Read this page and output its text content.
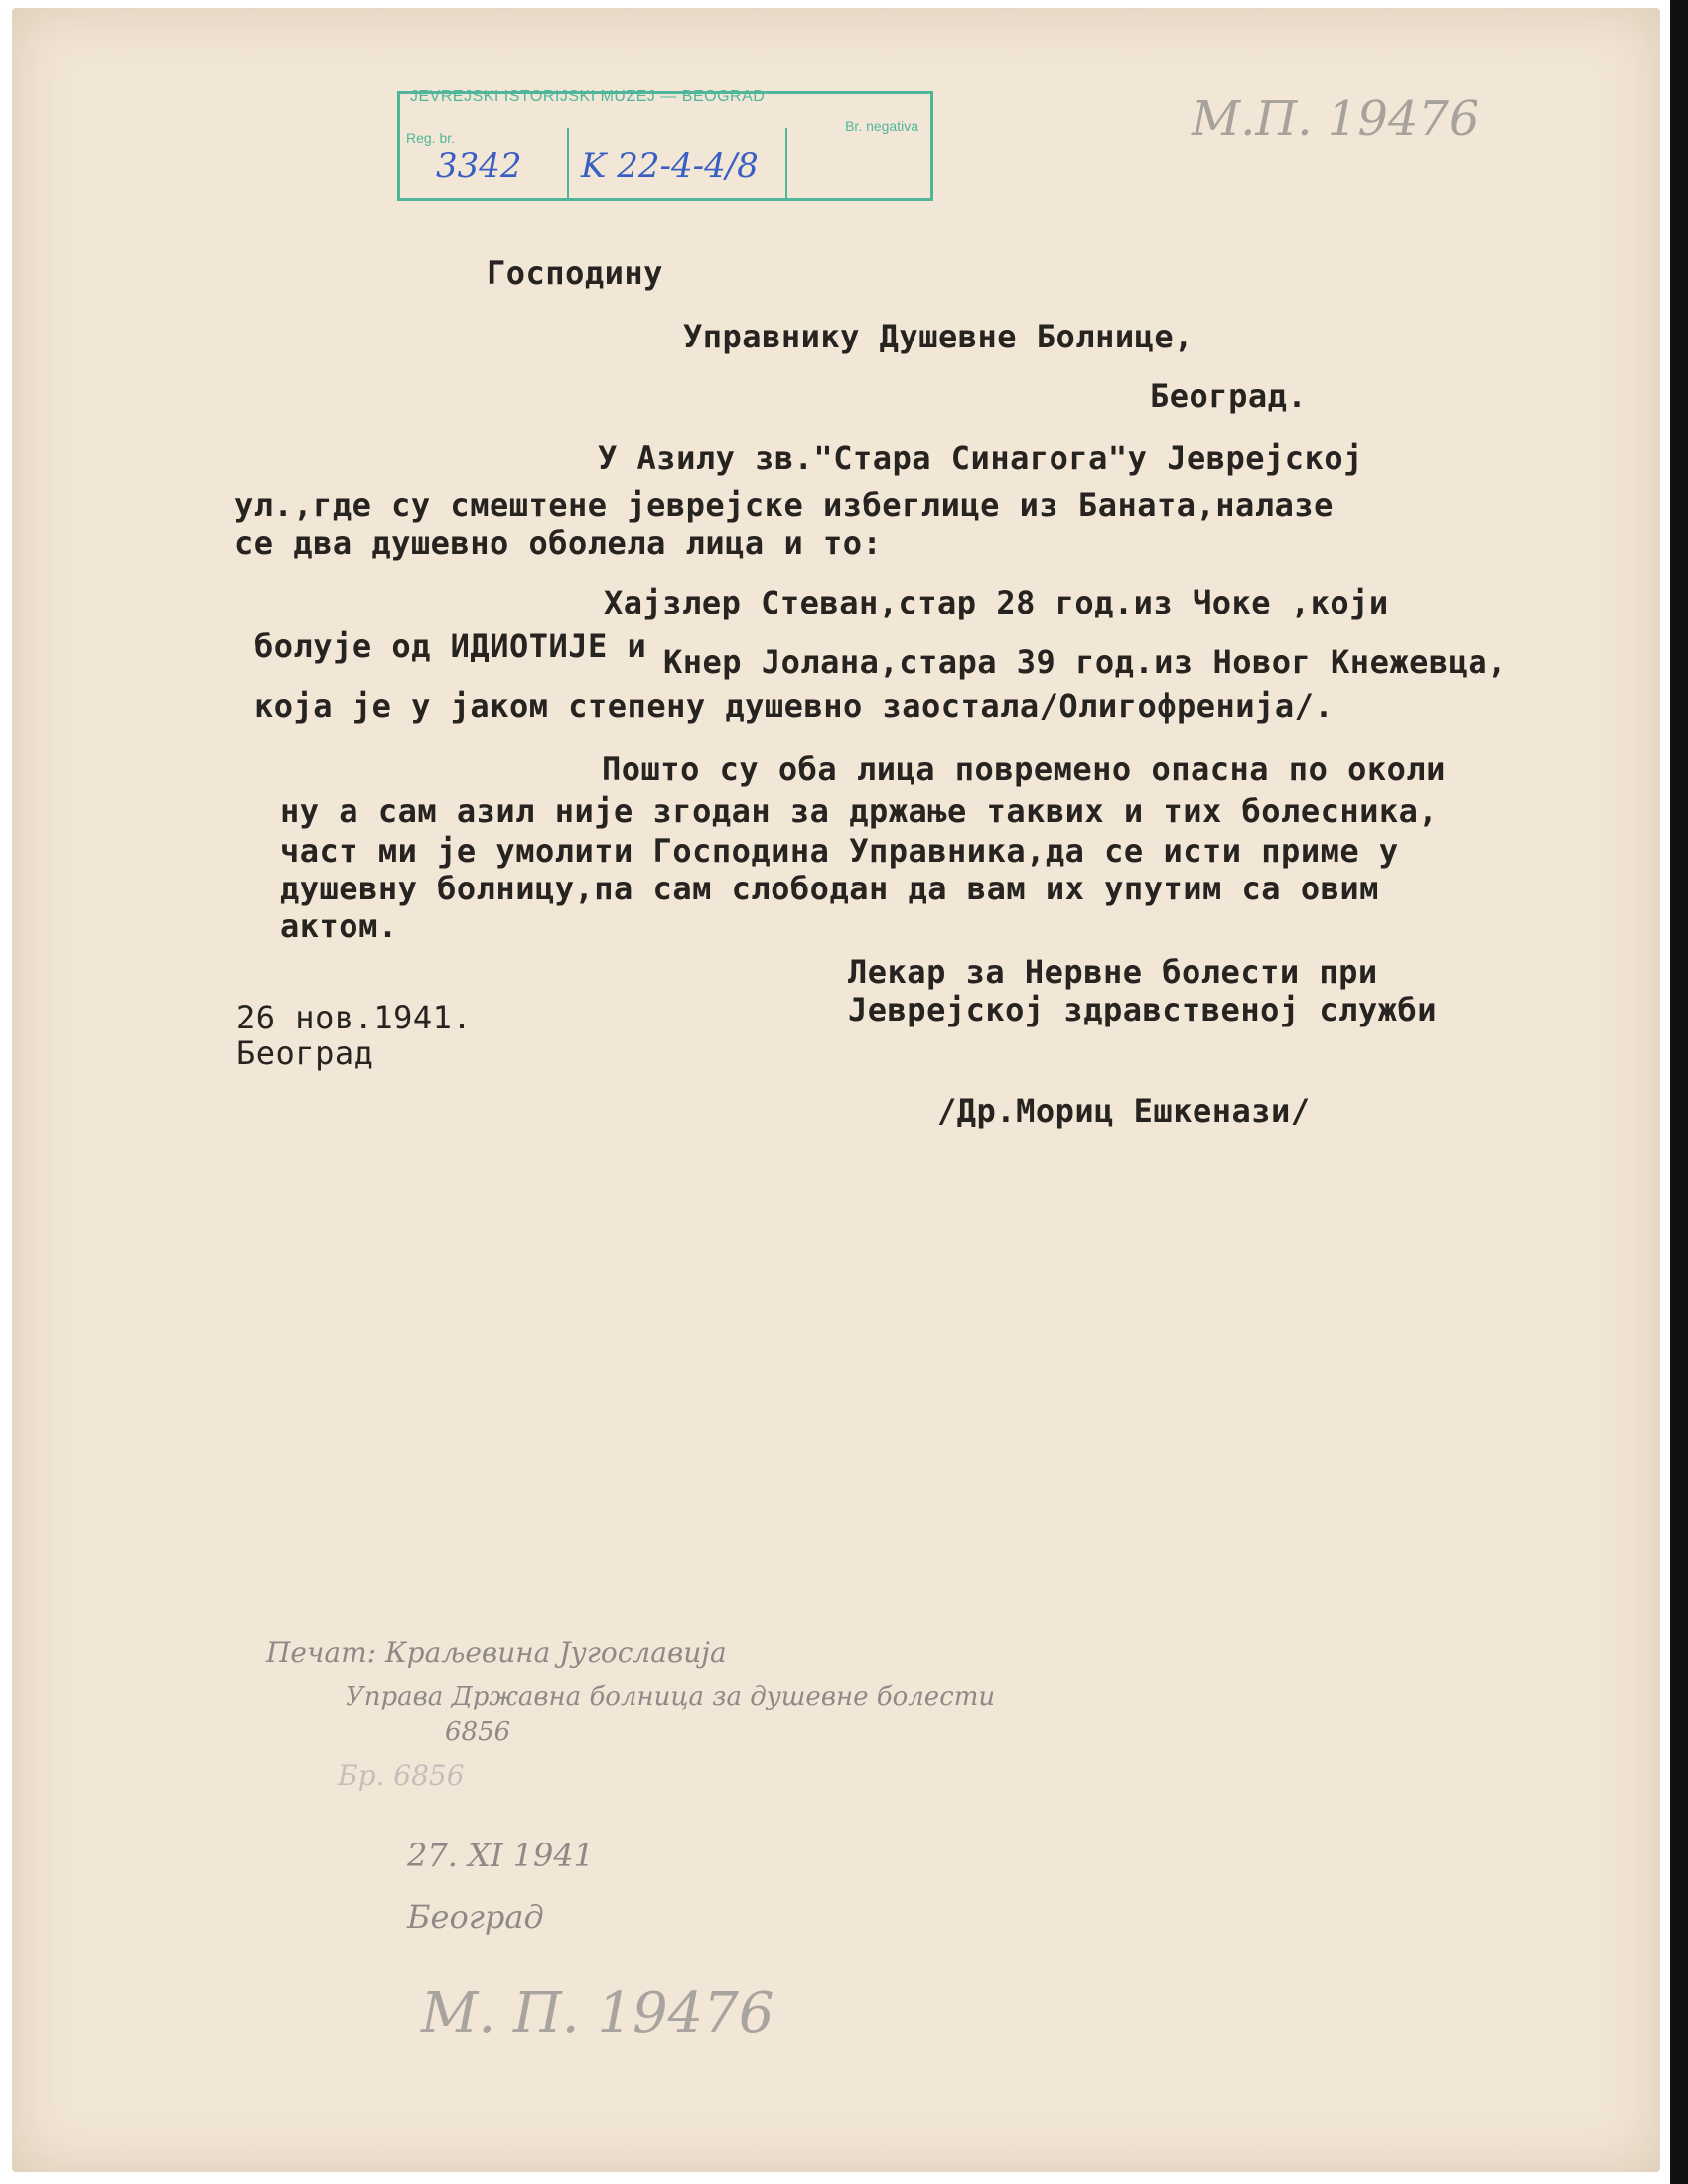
JEVREJSKI ISTORIJSKI MUZEJ — BEOGRAD
Reg. br.
Br. negativa
3342 K 22-4-4/8
М.П. 19476
Господину
Управнику Душевне Болнице,
Београд.
У Азилу зв."Стара Синагога"у Јеврејској
ул.,где су смештене јеврејске избеглице из Баната,налазе
се два душевно оболела лица и то:
Хајзлер Стеван,стар 28 год.из Чоке ,који
болује од ИДИОТИЈЕ и Кнер Јолана,стара 39 год.из Новог Кнежевца,
која је у јаком степену душевно заостала/Олигофренија/.
Пошто су оба лица повремено опасна по околи
ну а сам азил није згодан за држање таквих и тих болесника,
част ми је умолити Господина Управника,да се исти приме у
душевну болницу,па сам слободан да вам их упутим са овим
актом.
Лекар за Нервне болести при
Јеврејској здравственој служби
26 нов.1941.
Београд
/Др.Мориц Ешкенази/
Печат: Краљевина Југославија
Управа Државна болница за душевне болести
6856
Бр. 6856
27. XI 1941
Београд
М. П. 19476
